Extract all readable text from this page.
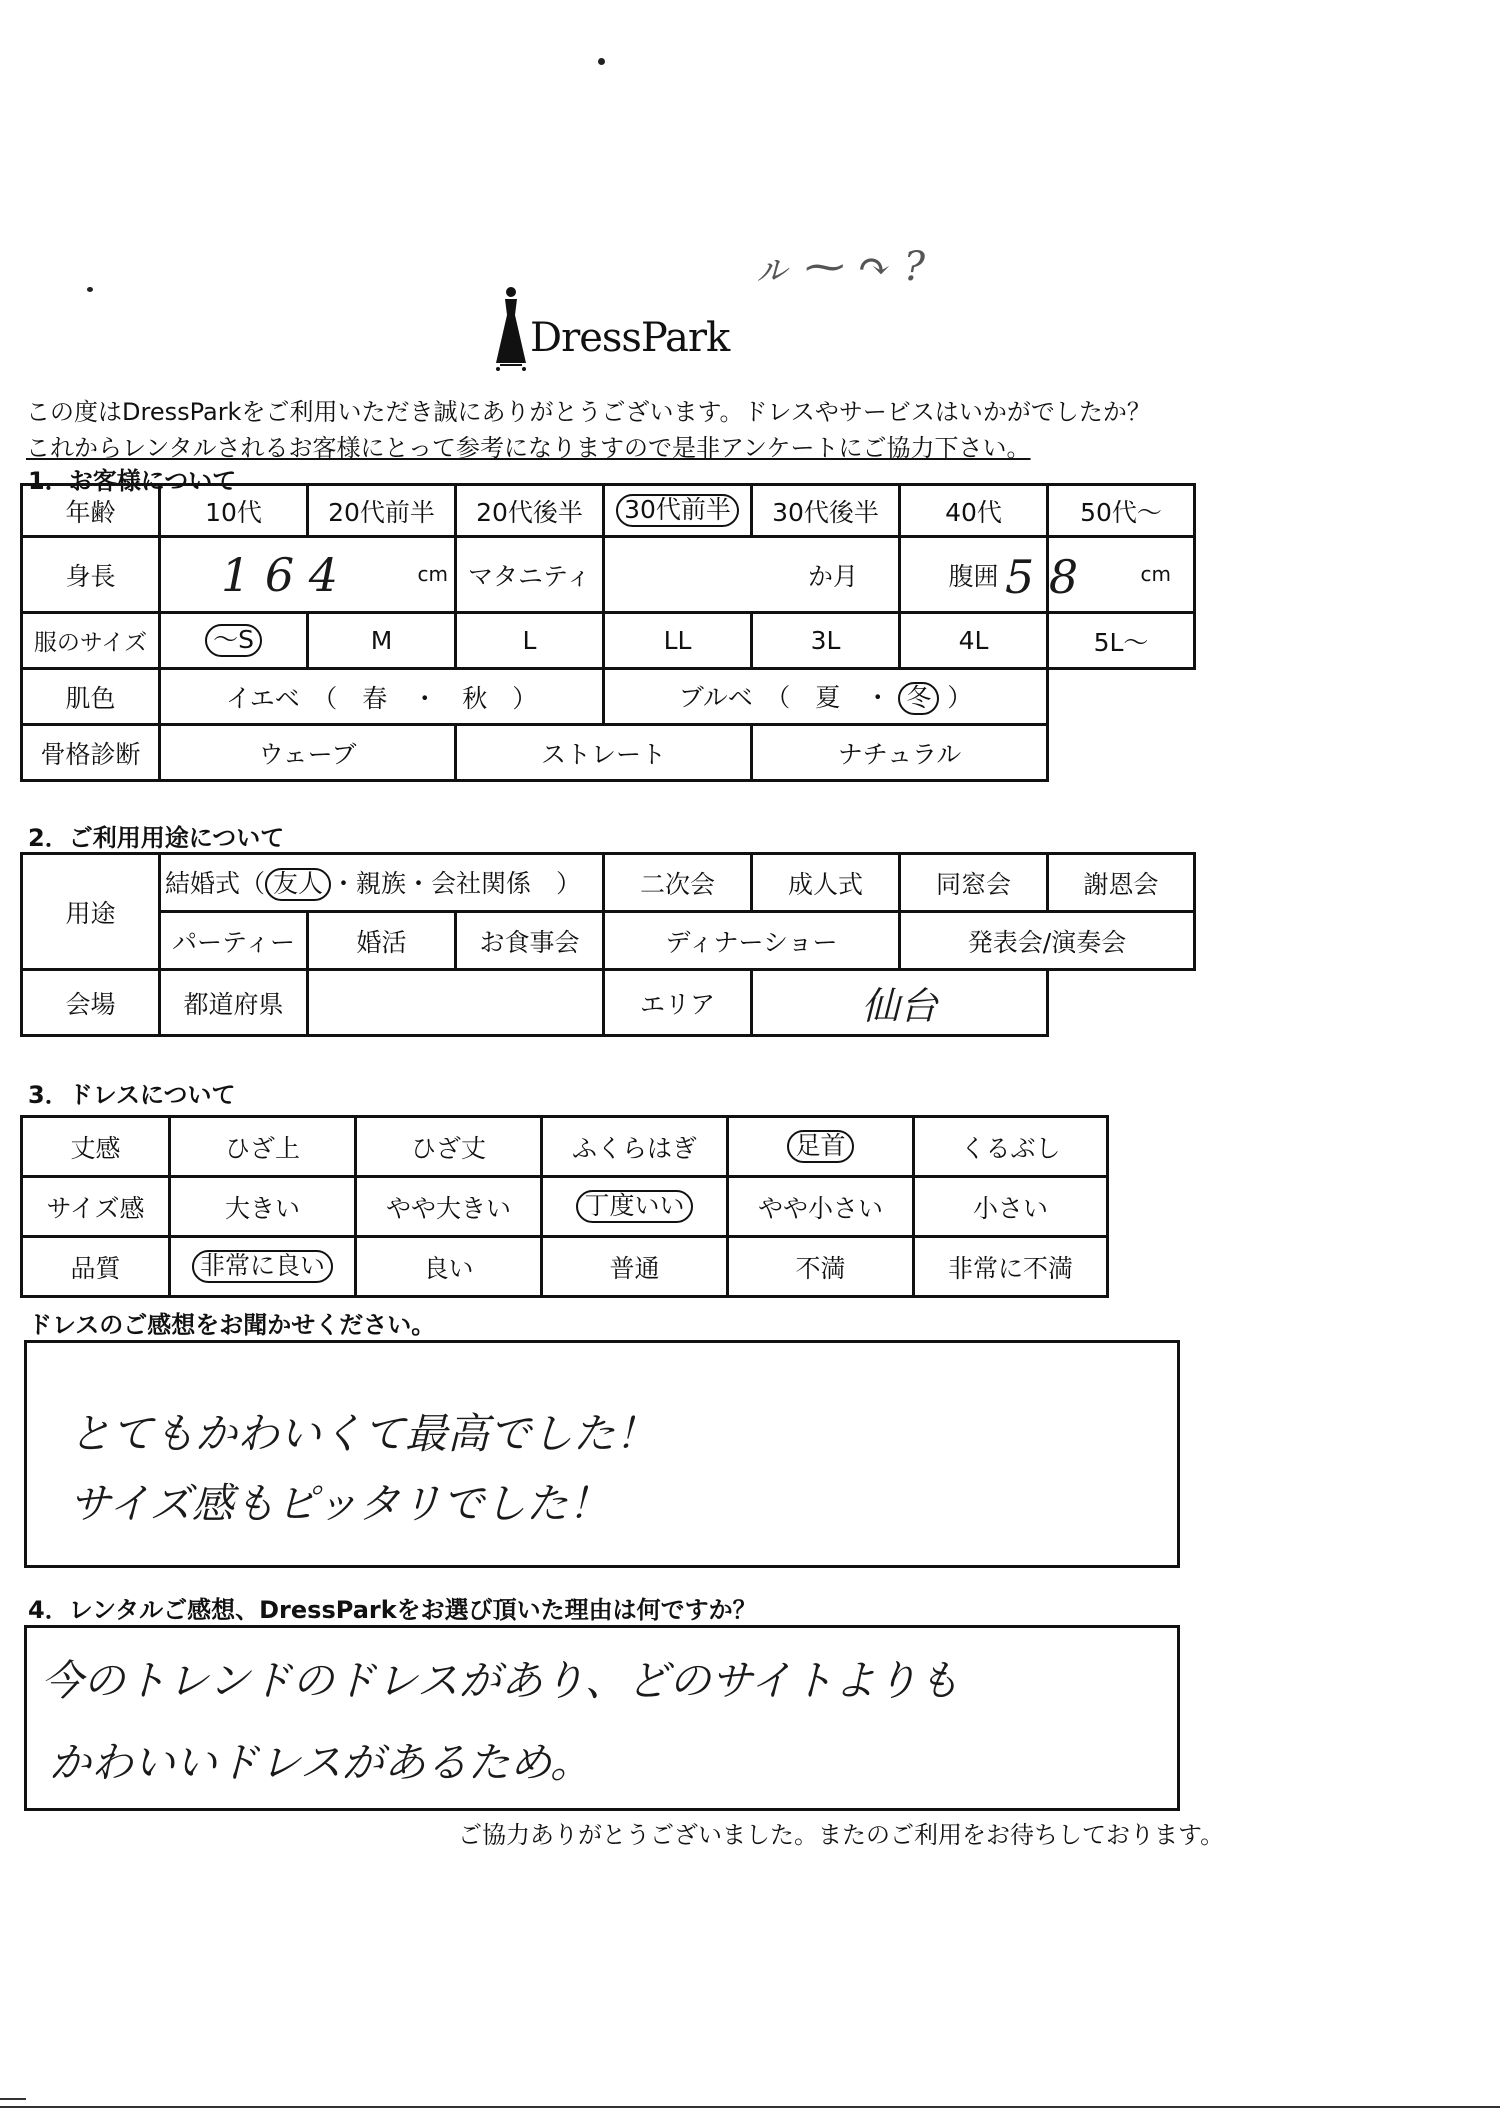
ㇽ ⁓ ↷ ?
DressPark
この度はDressParkをご利用いただき誠にありがとうございます。ドレスやサービスはいかがでしたか？
これからレンタルされるお客様にとって参考になりますので是非アンケートにご協力下さい。
1．お客様について
年齢	10代	20代前半	20代後半	30代前半	30代後半	40代	50代～
身長	1 6 4 cm		マタニティ	か月		腹囲	5 8 cm

服のサイズ	～S	M	L	LL	3L	4L	5L～
肌色	イエベ　（　春　・　秋　）			ブルベ　（　夏　・ 冬 ）			
骨格診断	ウェーブ		ストレート		ナチュラル		
2．ご利用用途について
用途	結婚式（ 友人 ・親族・会社関係　）			二次会	成人式	同窓会	謝恩会
	パーティー	婚活	お食事会	ディナーショー		発表会/演奏会	
会場	都道府県			エリア	仙台		
3．ドレスについて
丈感	ひざ上	ひざ丈	ふくらはぎ	足首	くるぶし
サイズ感	大きい	やや大きい	丁度いい	やや小さい	小さい
品質	非常に良い	良い	普通	不満	非常に不満
ドレスのご感想をお聞かせください。
とてもかわいくて最高でした！
サイズ感もピッタリでした！
4．レンタルご感想、DressParkをお選び頂いた理由は何ですか？
今のトレンドのドレスがあり、どのサイトよりも
かわいいドレスがあるため。
ご協力ありがとうございました。またのご利用をお待ちしております。
